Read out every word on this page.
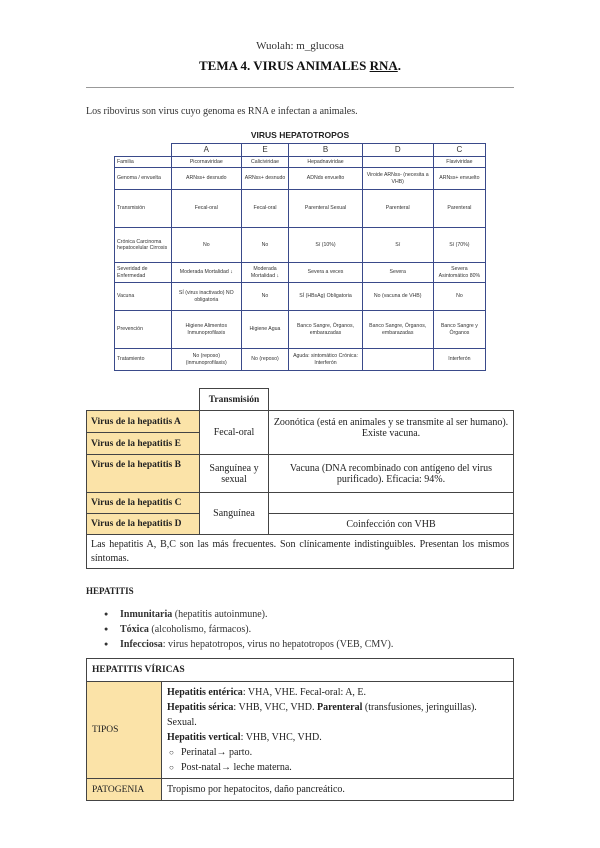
Wuolah: m_glucosa
TEMA 4. VIRUS ANIMALES RNA.
Los ribovirus son virus cuyo genoma es RNA e infectan a animales.
VIRUS HEPATOTROPOS
	A	E	B	D	C
Familia	Picornaviridae	Caliciviridae	Hepadnaviridae		Flaviviridae
Genoma / envuelta	ARNss+ desnudo	ARNss+ desnudo	ADNds envuelto	Viroide ARNss- (necesita a VHB)	ARNss+ envuelto
Transmisión	Fecal-oral	Fecal-oral	Parenteral Sexual	Parenteral	Parenteral
Crónica Carcinoma hepatocelular Cirrosis	No	No	Sí (10%)	Sí	Sí (70%)
Severidad de Enfermedad	Moderada Mortalidad ↓	Moderada Mortalidad ↓	Severa a veces	Severa	Severa Asintomático 80%
Vacuna	SÍ (virus inactivado) NO obligatoria	No	SÍ (HBsAg) Obligatoria	No (vacuna de VHB)	No
Prevención	Higiene Alimentos Inmunoprofilaxis	Higiene Agua	Banco Sangre, Órganos, embarazadas	Banco Sangre, Órganos, embarazadas	Banco Sangre y Órganos
Tratamiento	No (reposo) (inmunoprofilaxis)	No (reposo)	Aguda: sintomático Crónica: Interferón		Interferón
	Transmisión	
Virus de la hepatitis A	Fecal-oral	Zoonótica (está en animales y se transmite al ser humano). Existe vacuna.
Virus de la hepatitis E		
Virus de la hepatitis B	Sanguínea y sexual	Vacuna (DNA recombinado con antígeno del virus purificado). Eficacia: 94%.
Virus de la hepatitis C	Sanguínea	
Virus de la hepatitis D		Coinfección con VHB
Las hepatitis A, B,C son las más frecuentes. Son clínicamente indistinguibles. Presentan los mismos síntomas.		
HEPATITIS
● Inmunitaria (hepatitis autoinmune).
● Tóxica (alcoholismo, fármacos).
● Infecciosa: virus hepatotropos, virus no hepatotropos (VEB, CMV).
HEPATITIS VÍRICAS	
TIPOS	Hepatitis entérica: VHA, VHE. Fecal-oral: A, E.
Hepatitis sérica: VHB, VHC, VHD. Parenteral (transfusiones, jeringuillas). Sexual.
Hepatitis vertical: VHB, VHC, VHD.
○ Perinatal→ parto.
○ Post-natal→ leche materna.

PATOGENIA	Tropismo por hepatocitos, daño pancreático.
